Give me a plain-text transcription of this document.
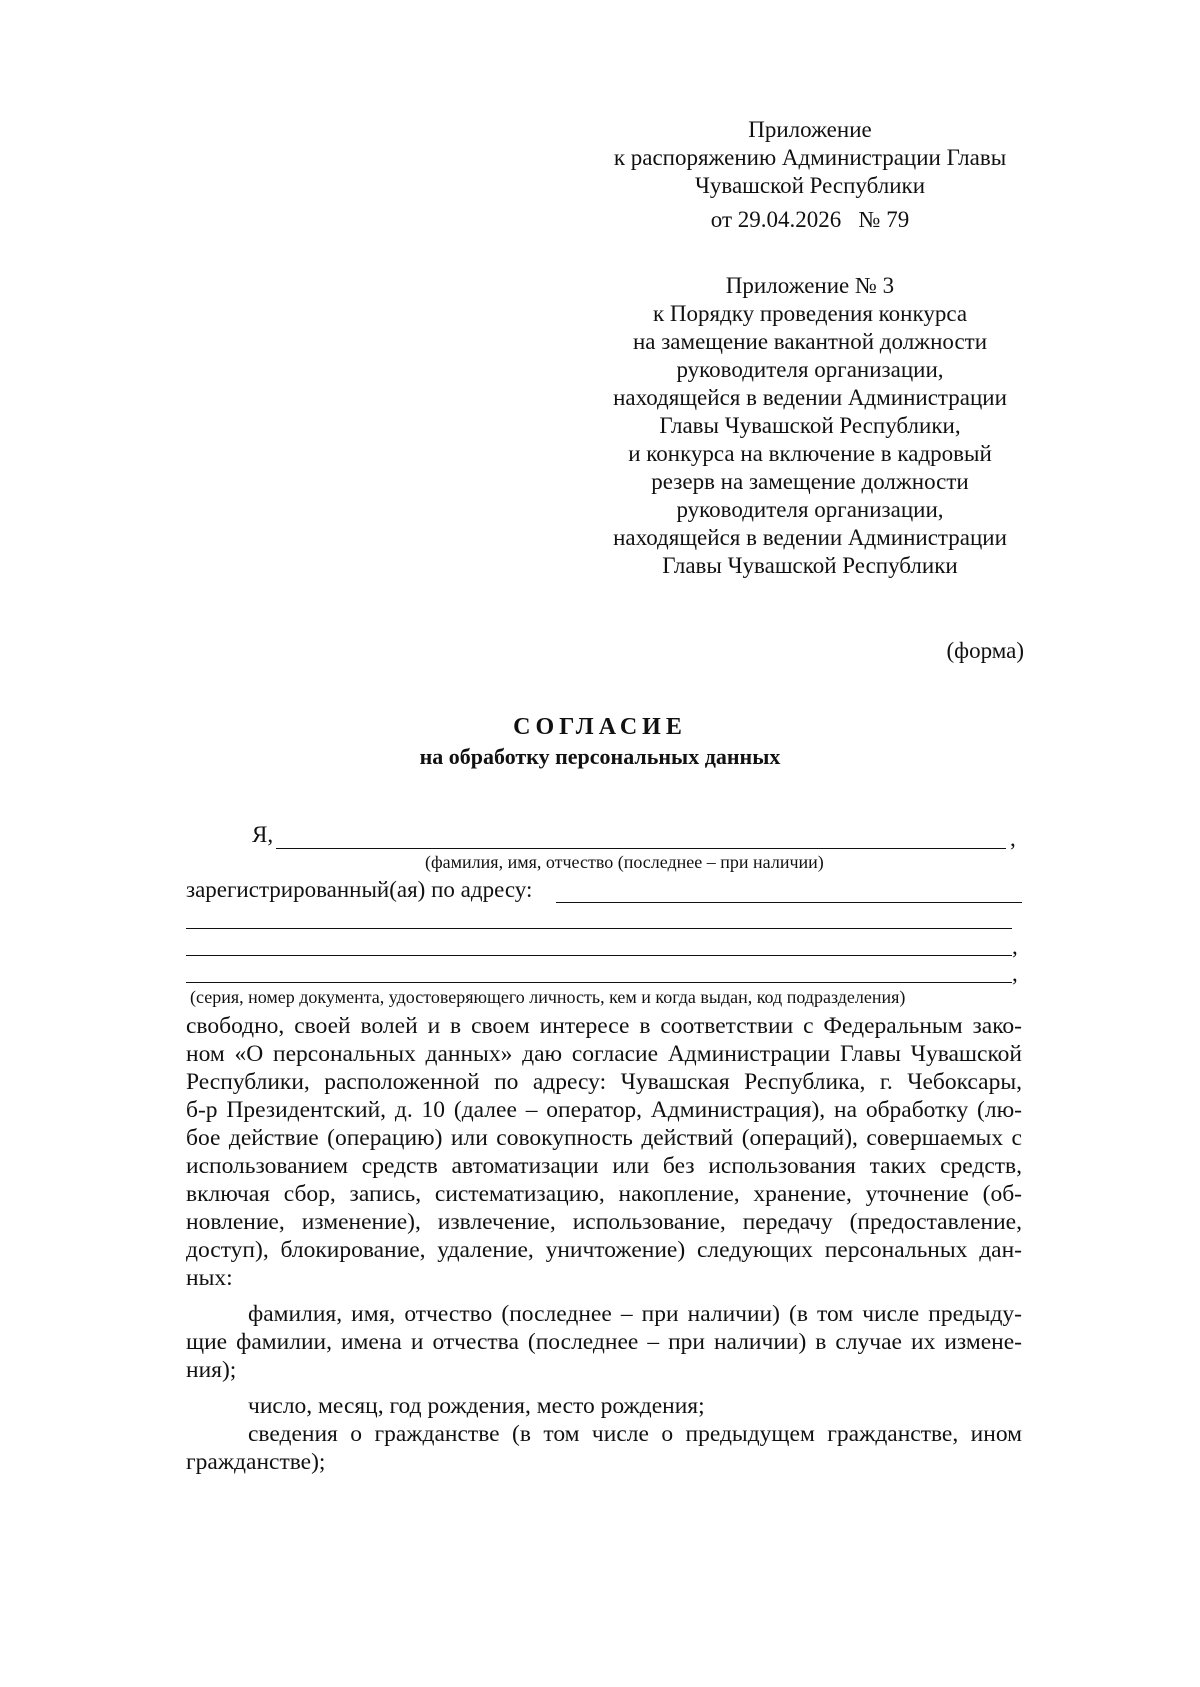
Приложение
к распоряжению Администрации Главы
Чувашской Республики
от 29.04.2026   № 79
Приложение № 3
к Порядку проведения конкурса
на замещение вакантной должности
руководителя организации,
находящейся в ведении Администрации
Главы Чувашской Республики,
и конкурса на включение в кадровый
резерв на замещение должности
руководителя организации,
находящейся в ведении Администрации
Главы Чувашской Республики
(форма)
СОГЛАСИЕ
на обработку персональных данных
Я,	,
(фамилия, имя, отчество (последнее – при наличии)
зарегистрированный(ая) по адресу:
,
,
(серия, номер документа, удостоверяющего личность, кем и когда выдан, код подразделения)

свободно, своей волей и в своем интересе в соответствии с Федеральным зако-

ном «О персональных данных» даю согласие Администрации Главы Чувашской

Республики, расположенной по адресу: Чувашская Республика, г. Чебоксары,

б-р Президентский, д. 10 (далее – оператор, Администрация), на обработку (лю-

бое действие (операцию) или совокупность действий (операций), совершаемых с

использованием средств автоматизации или без использования таких средств,

включая сбор, запись, систематизацию, накопление, хранение, уточнение (об-

новление, изменение), извлечение, использование, передачу (предоставление,

доступ), блокирование, удаление, уничтожение) следующих персональных дан-

ных:

фамилия, имя, отчество (последнее – при наличии) (в том числе предыду-

щие фамилии, имена и отчества (последнее – при наличии) в случае их измене-

ния);

число, месяц, год рождения, место рождения;

сведения о гражданстве (в том числе о предыдущем гражданстве, ином

гражданстве);
